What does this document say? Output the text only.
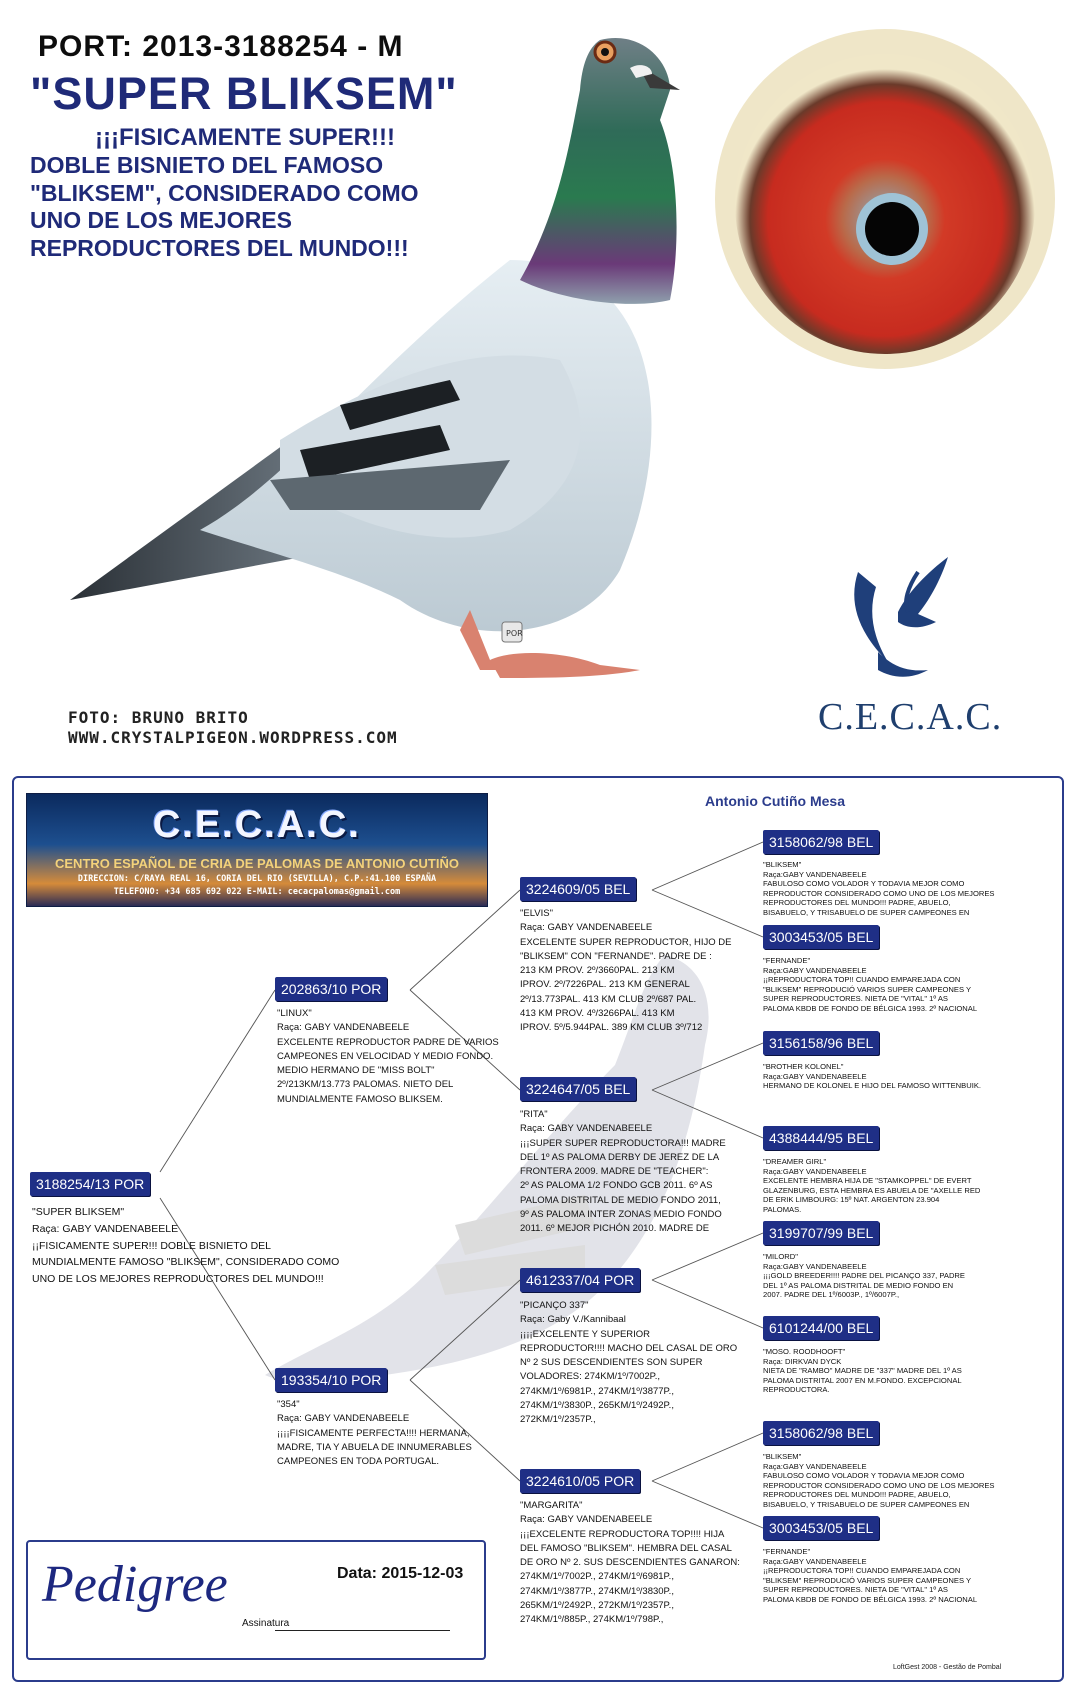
PORT: 2013-3188254 - M
"SUPER BLIKSEM"
¡¡¡FISICAMENTE SUPER!!!
DOBLE BISNIETO DEL FAMOSO
"BLIKSEM", CONSIDERADO COMO
UNO DE LOS MEJORES
REPRODUCTORES DEL MUNDO!!!
POR
FOTO: BRUNO BRITO
WWW.CRYSTALPIGEON.WORDPRESS.COM	C.E.C.A.C.
C.E.C.A.C.
CENTRO ESPAÑOL DE CRIA DE PALOMAS DE ANTONIO CUTIÑO
DIRECCION: C/RAYA REAL 16, CORIA DEL RIO (SEVILLA), C.P.:41.100 ESPAÑA
TELEFONO: +34 685 692 022 E-MAIL: cecacpalomas@gmail.com
Antonio Cutiño Mesa
3188254/13 POR
"SUPER BLIKSEM"
Raça: GABY VANDENABEELE
¡¡FISICAMENTE SUPER!!! DOBLE BISNIETO DEL
MUNDIALMENTE FAMOSO "BLIKSEM", CONSIDERADO COMO
UNO DE LOS MEJORES REPRODUCTORES DEL MUNDO!!!
202863/10 POR
"LINUX"
Raça: GABY VANDENABEELE
EXCELENTE REPRODUCTOR PADRE DE VARIOS
CAMPEONES EN VELOCIDAD Y MEDIO FONDO.
MEDIO HERMANO DE "MISS BOLT"
2º/213KM/13.773 PALOMAS. NIETO DEL
MUNDIALMENTE FAMOSO BLIKSEM.
193354/10 POR
"354"
Raça: GABY VANDENABEELE
¡¡¡¡FISICAMENTE PERFECTA!!!! HERMANA,
MADRE, TIA Y ABUELA DE INNUMERABLES
CAMPEONES EN TODA PORTUGAL.
3224609/05 BEL
"ELVIS"
Raça: GABY VANDENABEELE
EXCELENTE SUPER REPRODUCTOR, HIJO DE
"BLIKSEM" CON "FERNANDE". PADRE DE :
213 KM PROV. 2º/3660PAL. 213 KM
IPROV. 2º/7226PAL. 213 KM GENERAL
2º/13.773PAL. 413 KM CLUB 2º/687 PAL.
413 KM PROV. 4º/3266PAL. 413 KM
IPROV. 5º/5.944PAL. 389 KM CLUB 3º/712
3224647/05 BEL
"RITA"
Raça: GABY VANDENABEELE
¡¡¡SUPER SUPER REPRODUCTORA!!! MADRE
DEL 1º AS PALOMA DERBY DE JEREZ DE LA
FRONTERA 2009. MADRE DE "TEACHER":
2º AS PALOMA 1/2 FONDO GCB 2011. 6º AS
PALOMA DISTRITAL DE MEDIO FONDO 2011,
9º AS PALOMA INTER ZONAS MEDIO FONDO
2011. 6º MEJOR PICHÓN 2010. MADRE DE
4612337/04 POR
"PICANÇO 337"
Raça: Gaby V./Kannibaal
¡¡¡¡EXCELENTE Y SUPERIOR
REPRODUCTOR!!!! MACHO DEL CASAL DE ORO
Nº 2 SUS DESCENDIENTES SON SUPER
VOLADORES: 274KM/1º/7002P.,
274KM/1º/6981P., 274KM/1º/3877P.,
274KM/1º/3830P., 265KM/1º/2492P.,
272KM/1º/2357P.,
3224610/05 POR
"MARGARITA"
Raça: GABY VANDENABEELE
¡¡¡EXCELENTE REPRODUCTORA TOP!!!! HIJA
DEL FAMOSO "BLIKSEM". HEMBRA DEL CASAL
DE ORO Nº 2. SUS DESCENDIENTES GANARON:
274KM/1º/7002P., 274KM/1º/6981P.,
274KM/1º/3877P., 274KM/1º/3830P.,
265KM/1º/2492P., 272KM/1º/2357P.,
274KM/1º/885P., 274KM/1º/798P.,
3158062/98 BEL
"BLIKSEM"
Raça:GABY VANDENABEELE
FABULOSO COMO VOLADOR Y TODAVIA MEJOR COMO
REPRODUCTOR CONSIDERADO COMO UNO DE LOS MEJORES
REPRODUCTORES DEL MUNDO!!! PADRE, ABUELO,
BISABUELO, Y TRISABUELO DE SUPER CAMPEONES EN
3003453/05 BEL
"FERNANDE"
Raça:GABY VANDENABEELE
¡¡REPRODUCTORA TOP!! CUANDO EMPAREJADA CON
"BLIKSEM" REPRODUCIÓ VARIOS SUPER CAMPEONES Y
SUPER REPRODUCTORES. NIETA DE "VITAL" 1º AS
PALOMA KBDB DE FONDO DE BÉLGICA 1993. 2º NACIONAL
3156158/96 BEL
"BROTHER KOLONEL"
Raça:GABY VANDENABEELE
HERMANO DE KOLONEL E HIJO DEL FAMOSO WITTENBUIK.
4388444/95 BEL
"DREAMER GIRL"
Raça:GABY VANDENABEELE
EXCELENTE HEMBRA HIJA DE "STAMKOPPEL" DE EVERT
GLAZENBURG, ESTA HEMBRA ES ABUELA DE "AXELLE RED
DE ERIK LIMBOURG: 15º NAT. ARGENTON 23.904
PALOMAS.
3199707/99 BEL
"MILORD"
Raça:GABY VANDENABEELE
¡¡¡GOLD BREEDER!!!! PADRE DEL PICANÇO 337, PADRE
DEL 1º AS PALOMA DISTRITAL DE MEDIO FONDO EN
2007. PADRE DEL 1º/6003P., 1º/6007P.,
6101244/00 BEL
"MOSO. ROODHOOFT"
Raça: DIRKVAN DYCK
NIETA DE "RAMBO" MADRE DE "337" MADRE DEL 1º AS
PALOMA DISTRITAL 2007 EN M.FONDO. EXCEPCIONAL
REPRODUCTORA.
3158062/98 BEL
"BLIKSEM"
Raça:GABY VANDENABEELE
FABULOSO COMO VOLADOR Y TODAVIA MEJOR COMO
REPRODUCTOR CONSIDERADO COMO UNO DE LOS MEJORES
REPRODUCTORES DEL MUNDO!!! PADRE, ABUELO,
BISABUELO, Y TRISABUELO DE SUPER CAMPEONES EN
3003453/05 BEL
"FERNANDE"
Raça:GABY VANDENABEELE
¡¡REPRODUCTORA TOP!! CUANDO EMPAREJADA CON
"BLIKSEM" REPRODUCIÓ VARIOS SUPER CAMPEONES Y
SUPER REPRODUCTORES. NIETA DE "VITAL" 1º AS
PALOMA KBDB DE FONDO DE BÉLGICA 1993. 2º NACIONAL
Pedigree	Data: 2015-12-03
Assinatura
LoftGest 2008 - Gestão de Pombal
